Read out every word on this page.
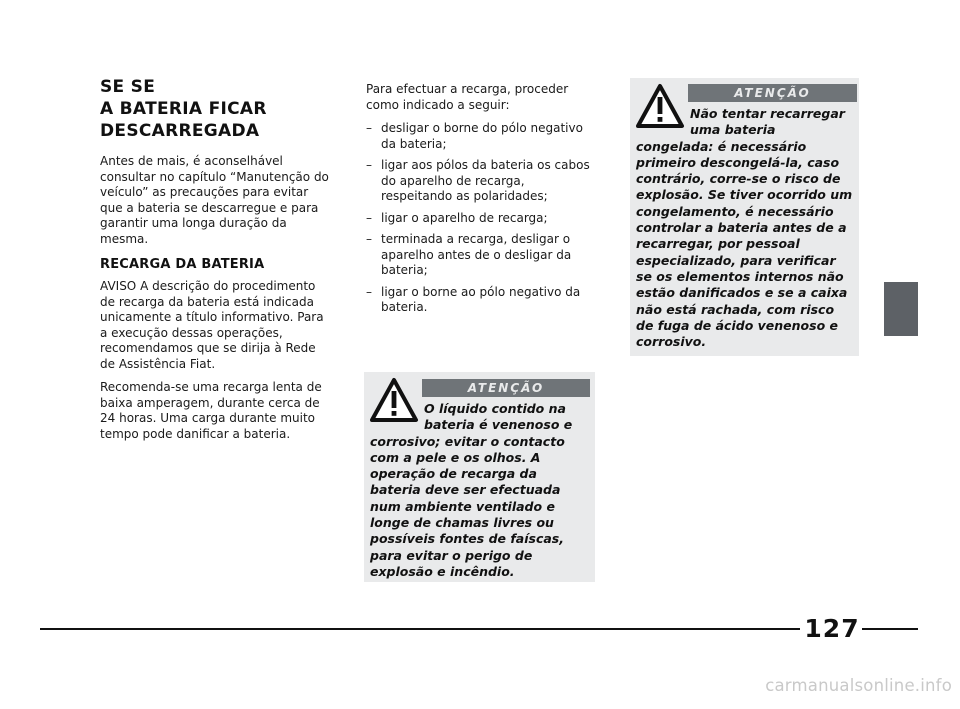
SE SE
A BATERIA FICAR
DESCARREGADA

Antes de mais, é aconselhável consultar no capítulo “Manutenção do veículo” as precauções para evitar que a bateria se descarregue e para garantir uma longa duração da mesma.

RECARGA DA BATERIA

AVISO A descrição do procedimento de recarga da bateria está indicada unicamente a título informativo. Para a execução dessas operações, recomendamos que se dirija à Rede de Assistência Fiat.

Recomenda-se uma recarga lenta de baixa amperagem, durante cerca de 24 horas. Uma carga durante muito tempo pode danificar a bateria.

Para efectuar a recarga, proceder como indicado a seguir:

– desligar o borne do pólo negativo da bateria;
– ligar aos pólos da bateria os cabos do aparelho de recarga, respeitando as polaridades;
– ligar o aparelho de recarga;
– terminada a recarga, desligar o aparelho antes de o desligar da bateria;
– ligar o borne ao pólo negativo da bateria.
ATENÇÃO

O líquido contido na bateria é venenoso e corrosivo; evitar o contacto com a pele e os olhos. A operação de recarga da bateria deve ser efectuada num ambiente ventilado e longe de chamas livres ou possíveis fontes de faíscas, para evitar o perigo de explosão e incêndio.

ATENÇÃO

Não tentar recarregar uma bateria congelada: é necessário primeiro descongelá-la, caso contrário, corre-se o risco de explosão. Se tiver ocorrido um congelamento, é necessário controlar a bateria antes de a recarregar, por pessoal especializado, para verificar se os elementos internos não estão danificados e se a caixa não está rachada, com risco de fuga de ácido venenoso e corrosivo.

127
carmanualsonline.info
